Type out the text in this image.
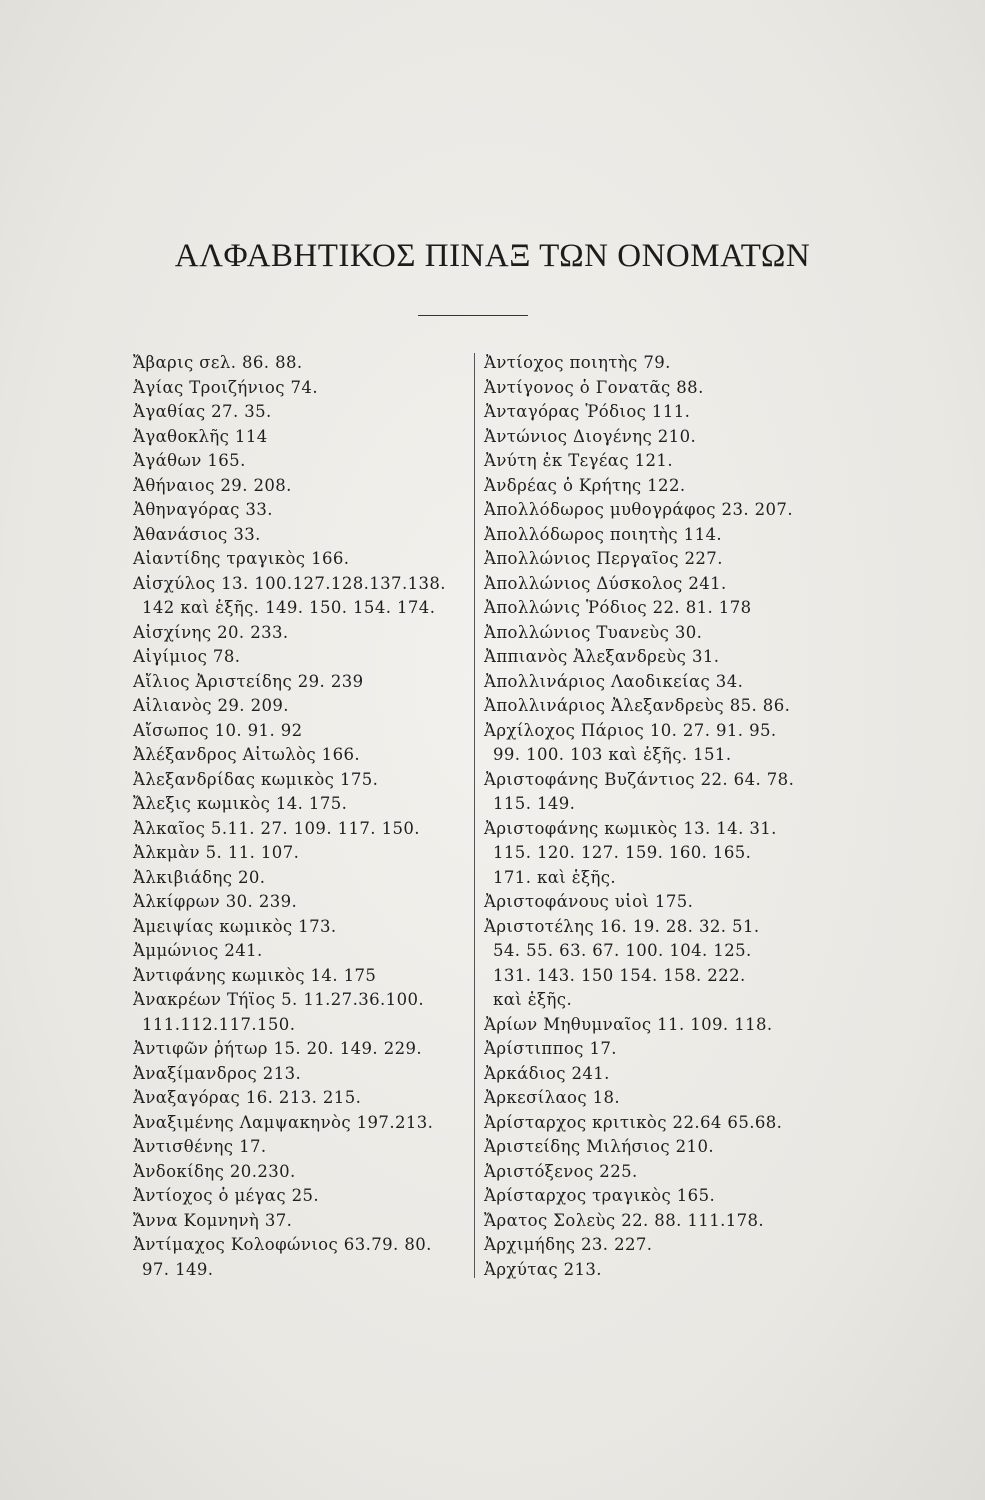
ΑΛΦΑΒΗΤΙΚΟΣ ΠΙΝΑΞ ΤΩΝ ΟΝΟΜΑΤΩΝ
Ἄβαρις σελ. 86. 88.
Ἀγίας Τροιζήνιος 74.
Ἀγαθίας 27. 35.
Ἀγαθοκλῆς 114
Ἀγάθων 165.
Ἀθήναιος 29. 208.
Ἀθηναγόρας 33.
Ἀθανάσιος 33.
Αἰαντίδης τραγικὸς 166.
Αἰσχύλος 13. 100.127.128.137.138.
142 καὶ ἑξῆς. 149. 150. 154. 174.
Αἰσχίνης 20. 233.
Αἰγίμιος 78.
Αἴλιος Ἀριστείδης 29. 239
Αἰλιανὸς 29. 209.
Αἴσωπος 10. 91. 92
Ἀλέξανδρος Αἰτωλὸς 166.
Ἀλεξανδρίδας κωμικὸς 175.
Ἄλεξις κωμικὸς 14. 175.
Ἀλκαῖος 5.11. 27. 109. 117. 150.
Ἀλκμὰν 5. 11. 107.
Ἀλκιβιάδης 20.
Ἀλκίφρων 30. 239.
Ἀμειψίας κωμικὸς 173.
Ἀμμώνιος 241.
Ἀντιφάνης κωμικὸς 14. 175
Ἀνακρέων Τήϊος 5. 11.27.36.100.
111.112.117.150.
Ἀντιφῶν ῥήτωρ 15. 20. 149. 229.
Ἀναξίμανδρος 213.
Ἀναξαγόρας 16. 213. 215.
Ἀναξιμένης Λαμψακηνὸς 197.213.
Ἀντισθένης 17.
Ἀνδοκίδης 20.230.
Ἀντίοχος ὁ μέγας 25.
Ἄννα Κομνηνὴ 37.
Ἀντίμαχος Κολοφώνιος 63.79. 80.
97. 149.
Ἀντίοχος ποιητὴς 79.
Ἀντίγονος ὁ Γονατᾶς 88.
Ἀνταγόρας Ῥόδιος 111.
Ἀντώνιος Διογένης 210.
Ἀνύτη ἐκ Τεγέας 121.
Ἀνδρέας ὁ Κρήτης 122.
Ἀπολλόδωρος μυθογράφος 23. 207.
Ἀπολλόδωρος ποιητὴς 114.
Ἀπολλώνιος Περγαῖος 227.
Ἀπολλώνιος Δύσκολος 241.
Ἀπολλώνις Ῥόδιος 22. 81. 178
Ἀπολλώνιος Τυανεὺς 30.
Ἀππιανὸς Ἀλεξανδρεὺς 31.
Ἀπολλινάριος Λαοδικείας 34.
Ἀπολλινάριος Ἀλεξανδρεὺς 85. 86.
Ἀρχίλοχος Πάριος 10. 27. 91. 95.
99. 100. 103 καὶ ἑξῆς. 151.
Ἀριστοφάνης Βυζάντιος 22. 64. 78.
115. 149.
Ἀριστοφάνης κωμικὸς 13. 14. 31.
115. 120. 127. 159. 160. 165.
171. καὶ ἑξῆς.
Ἀριστοφάνους υἱοὶ 175.
Ἀριστοτέλης 16. 19. 28. 32. 51.
54. 55. 63. 67. 100. 104. 125.
131. 143. 150 154. 158. 222.
καὶ ἑξῆς.
Ἀρίων Μηθυμναῖος 11. 109. 118.
Ἀρίστιππος 17.
Ἀρκάδιος 241.
Ἀρκεσίλαος 18.
Ἀρίσταρχος κριτικὸς 22.64 65.68.
Ἀριστείδης Μιλήσιος 210.
Ἀριστόξενος 225.
Ἀρίσταρχος τραγικὸς 165.
Ἄρατος Σολεὺς 22. 88. 111.178.
Ἀρχιμήδης 23. 227.
Ἀρχύτας 213.
